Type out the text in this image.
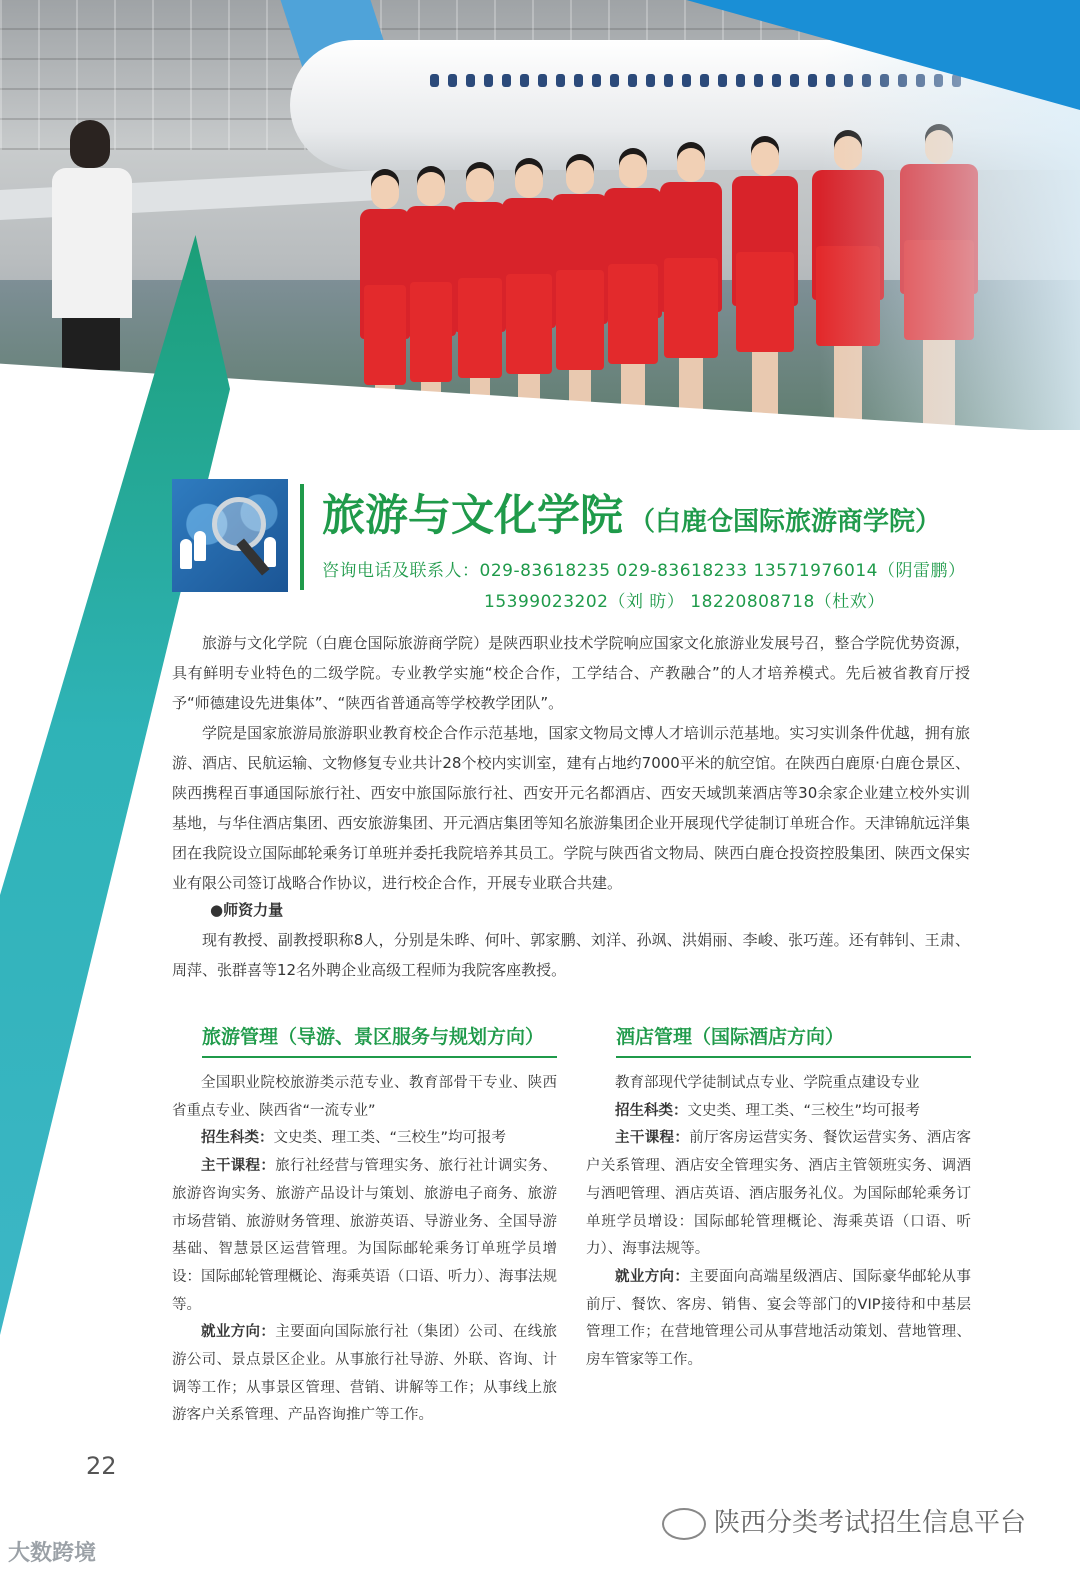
旅游与文化学院 （白鹿仓国际旅游商学院）
咨询电话及联系人：029-83618235 029-83618233 13571976014（阴雷鹏）
15399023202（刘 昉） 18220808718（杜欢）

旅游与文化学院（白鹿仓国际旅游商学院）是陕西职业技术学院响应国家文化旅游业发展号召，整合学院优势资源，具有鲜明专业特色的二级学院。专业教学实施“校企合作，工学结合、产教融合”的人才培养模式。先后被省教育厅授予“师德建设先进集体”、“陕西省普通高等学校教学团队”。

学院是国家旅游局旅游职业教育校企合作示范基地，国家文物局文博人才培训示范基地。实习实训条件优越，拥有旅游、酒店、民航运输、文物修复专业共计28个校内实训室，建有占地约7000平米的航空馆。在陕西白鹿原·白鹿仓景区、陕西携程百事通国际旅行社、西安中旅国际旅行社、西安开元名都酒店、西安天域凯莱酒店等30余家企业建立校外实训基地，与华住酒店集团、西安旅游集团、开元酒店集团等知名旅游集团企业开展现代学徒制订单班合作。天津锦航远洋集团在我院设立国际邮轮乘务订单班并委托我院培养其员工。学院与陕西省文物局、陕西白鹿仓投资控股集团、陕西文保实业有限公司签订战略合作协议，进行校企合作，开展专业联合共建。

●师资力量

现有教授、副教授职称8人，分别是朱晔、何叶、郭家鹏、刘洋、孙飒、洪娟丽、李峻、张巧莲。还有韩钊、王肃、周萍、张群喜等12名外聘企业高级工程师为我院客座教授。

旅游管理（导游、景区服务与规划方向）

全国职业院校旅游类示范专业、教育部骨干专业、陕西省重点专业、陕西省“一流专业”

招生科类：文史类、理工类、“三校生”均可报考

主干课程：旅行社经营与管理实务、旅行社计调实务、旅游咨询实务、旅游产品设计与策划、旅游电子商务、旅游市场营销、旅游财务管理、旅游英语、导游业务、全国导游基础、智慧景区运营管理。为国际邮轮乘务订单班学员增设：国际邮轮管理概论、海乘英语（口语、听力）、海事法规等。

就业方向：主要面向国际旅行社（集团）公司、在线旅游公司、景点景区企业。从事旅行社导游、外联、咨询、计调等工作；从事景区管理、营销、讲解等工作；从事线上旅游客户关系管理、产品咨询推广等工作。

酒店管理（国际酒店方向）

教育部现代学徒制试点专业、学院重点建设专业

招生科类：文史类、理工类、“三校生”均可报考

主干课程：前厅客房运营实务、餐饮运营实务、酒店客户关系管理、酒店安全管理实务、酒店主管领班实务、调酒与酒吧管理、酒店英语、酒店服务礼仪。为国际邮轮乘务订单班学员增设：国际邮轮管理概论、海乘英语（口语、听力）、海事法规等。

就业方向：主要面向高端星级酒店、国际豪华邮轮从事前厅、餐饮、客房、销售、宴会等部门的VIP接待和中基层管理工作；在营地管理公司从事营地活动策划、营地管理、房车管家等工作。

22
陕西分类考试招生信息平台
大数跨境
